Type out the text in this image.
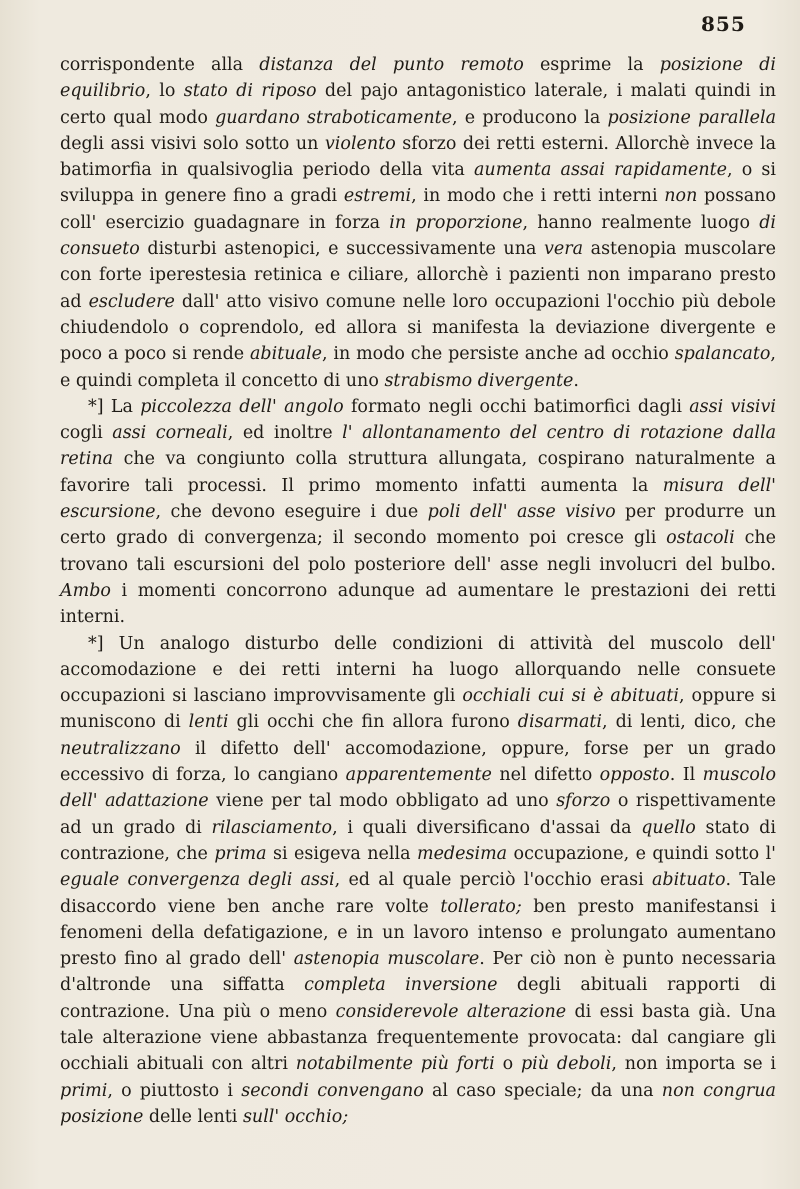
855

corrispondente alla distanza del punto remoto esprime la posizione di equilibrio, lo stato di riposo del pajo antagonistico laterale, i malati quindi in certo qual modo guardano straboticamente, e producono la posizione parallela degli assi visivi solo sotto un violento sforzo dei retti esterni. Allorchè invece la batimorfia in qualsivoglia periodo della vita aumenta assai rapidamente, o si sviluppa in genere fino a gradi estremi, in modo che i retti interni non possano coll' esercizio guadagnare in forza in proporzione, hanno realmente luogo di consueto disturbi astenopici, e successivamente una vera astenopia muscolare con forte iperestesia retinica e ciliare, allorchè i pazienti non imparano presto ad escludere dall' atto visivo comune nelle loro occupazioni l'occhio più debole chiudendolo o coprendolo, ed allora si manifesta la deviazione divergente e poco a poco si rende abituale, in modo che persiste anche ad occhio spalancato, e quindi completa il concetto di uno strabismo divergente.

*] La piccolezza dell' angolo formato negli occhi batimorfici dagli assi visivi cogli assi corneali, ed inoltre l' allontanamento del centro di rotazione dalla retina che va congiunto colla struttura allungata, cospirano naturalmente a favorire tali processi. Il primo momento infatti aumenta la misura dell' escursione, che devono eseguire i due poli dell' asse visivo per produrre un certo grado di convergenza; il secondo momento poi cresce gli ostacoli che trovano tali escursioni del polo posteriore dell' asse negli involucri del bulbo. Ambo i momenti concorrono adunque ad aumentare le prestazioni dei retti interni.

*] Un analogo disturbo delle condizioni di attività del muscolo dell' accomodazione e dei retti interni ha luogo allorquando nelle consuete occupazioni si lasciano improvvisamente gli occhiali cui si è abituati, oppure si muniscono di lenti gli occhi che fin allora furono disarmati, di lenti, dico, che neutralizzano il difetto dell' accomodazione, oppure, forse per un grado eccessivo di forza, lo cangiano apparentemente nel difetto opposto. Il muscolo dell' adattazione viene per tal modo obbligato ad uno sforzo o rispettivamente ad un grado di rilasciamento, i quali diversificano d'assai da quello stato di contrazione, che prima si esigeva nella medesima occupazione, e quindi sotto l' eguale convergenza degli assi, ed al quale perciò l'occhio erasi abituato. Tale disaccordo viene ben anche rare volte tollerato; ben presto manifestansi i fenomeni della defatigazione, e in un lavoro intenso e prolungato aumentano presto fino al grado dell' astenopia muscolare. Per ciò non è punto necessaria d'altronde una siffatta completa inversione degli abituali rapporti di contrazione. Una più o meno considerevole alterazione di essi basta già. Una tale alterazione viene abbastanza frequentemente provocata: dal cangiare gli occhiali abituali con altri notabilmente più forti o più deboli, non importa se i primi, o piuttosto i secondi convengano al caso speciale; da una non congrua posizione delle lenti sull' occhio;
